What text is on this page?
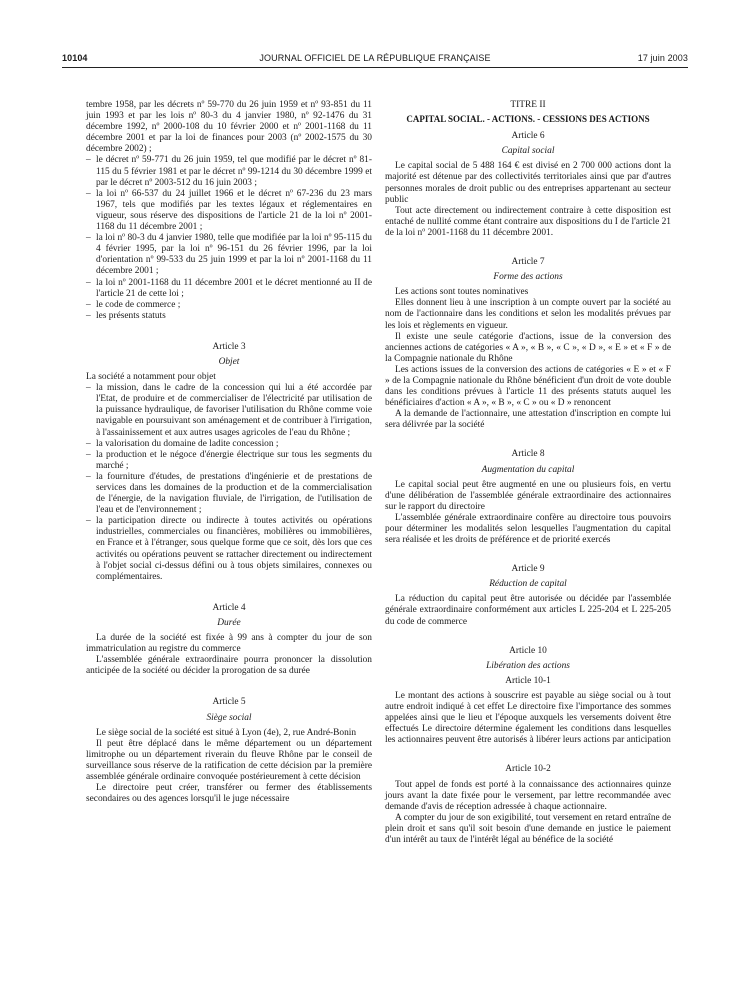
10104	JOURNAL OFFICIEL DE LA RÉPUBLIQUE FRANÇAISE	17 juin 2003

tembre 1958, par les décrets nº 59-770 du 26 juin 1959 et nº 93-851 du 11 juin 1993 et par les lois nº 80-3 du 4 janvier 1980, nº 92-1476 du 31 décembre 1992, nº 2000-108 du 10 février 2000 et nº 2001-1168 du 11 décembre 2001 et par la loi de finances pour 2003 (nº 2002-1575 du 30 décembre 2002) ;

– le décret nº 59-771 du 26 juin 1959, tel que modifié par le décret nº 81-115 du 5 février 1981 et par le décret nº 99-1214 du 30 décembre 1999 et par le décret nº 2003-512 du 16 juin 2003 ;
– la loi nº 66-537 du 24 juillet 1966 et le décret nº 67-236 du 23 mars 1967, tels que modifiés par les textes légaux et réglementaires en vigueur, sous réserve des dispositions de l'article 21 de la loi nº 2001-1168 du 11 décembre 2001 ;
– la loi nº 80-3 du 4 janvier 1980, telle que modifiée par la loi nº 95-115 du 4 février 1995, par la loi nº 96-151 du 26 février 1996, par la loi d'orientation nº 99-533 du 25 juin 1999 et par la loi nº 2001-1168 du 11 décembre 2001 ;
– la loi nº 2001-1168 du 11 décembre 2001 et le décret mentionné au II de l'article 21 de cette loi ;
– le code de commerce ;
– les présents statuts
Article 3
Objet

La société a notamment pour objet

– la mission, dans le cadre de la concession qui lui a été accordée par l'Etat, de produire et de commercialiser de l'électricité par utilisation de la puissance hydraulique, de favoriser l'utilisation du Rhône comme voie navigable en poursuivant son aménagement et de contribuer à l'irrigation, à l'assainissement et aux autres usages agricoles de l'eau du Rhône ;
– la valorisation du domaine de ladite concession ;
– la production et le négoce d'énergie électrique sur tous les segments du marché ;
– la fourniture d'études, de prestations d'ingénierie et de prestations de services dans les domaines de la production et de la commercialisation de l'énergie, de la navigation fluviale, de l'irrigation, de l'utilisation de l'eau et de l'environnement ;
– la participation directe ou indirecte à toutes activités ou opérations industrielles, commerciales ou financières, mobilières ou immobilières, en France et à l'étranger, sous quelque forme que ce soit, dès lors que ces activités ou opérations peuvent se rattacher directement ou indirectement à l'objet social ci-dessus défini ou à tous objets similaires, connexes ou complémentaires.
Article 4
Durée

La durée de la société est fixée à 99 ans à compter du jour de son immatriculation au registre du commerce

L'assemblée générale extraordinaire pourra prononcer la dissolution anticipée de la société ou décider la prorogation de sa durée

Article 5
Siège social

Le siège social de la société est situé à Lyon (4e), 2, rue André-Bonin

Il peut être déplacé dans le même département ou un département limitrophe ou un département riverain du fleuve Rhône par le conseil de surveillance sous réserve de la ratification de cette décision par la première assemblée générale ordinaire convoquée postérieurement à cette décision

Le directoire peut créer, transférer ou fermer des établissements secondaires ou des agences lorsqu'il le juge nécessaire

TITRE II
CAPITAL SOCIAL. - ACTIONS. - CESSIONS DES ACTIONS
Article 6
Capital social

Le capital social de 5 488 164 € est divisé en 2 700 000 actions dont la majorité est détenue par des collectivités territoriales ainsi que par d'autres personnes morales de droit public ou des entreprises appartenant au secteur public

Tout acte directement ou indirectement contraire à cette disposition est entaché de nullité comme étant contraire aux dispositions du I de l'article 21 de la loi nº 2001-1168 du 11 décembre 2001.

Article 7
Forme des actions

Les actions sont toutes nominatives

Elles donnent lieu à une inscription à un compte ouvert par la société au nom de l'actionnaire dans les conditions et selon les modalités prévues par les lois et règlements en vigueur.

Il existe une seule catégorie d'actions, issue de la conversion des anciennes actions de catégories « A », « B », « C », « D », « E » et « F » de la Compagnie nationale du Rhône

Les actions issues de la conversion des actions de catégories « E » et « F » de la Compagnie nationale du Rhône bénéficient d'un droit de vote double dans les conditions prévues à l'article 11 des présents statuts auquel les bénéficiaires d'action « A », « B », « C » ou « D » renoncent

A la demande de l'actionnaire, une attestation d'inscription en compte lui sera délivrée par la société

Article 8
Augmentation du capital

Le capital social peut être augmenté en une ou plusieurs fois, en vertu d'une délibération de l'assemblée générale extraordinaire des actionnaires sur le rapport du directoire

L'assemblée générale extraordinaire confère au directoire tous pouvoirs pour déterminer les modalités selon lesquelles l'augmentation du capital sera réalisée et les droits de préférence et de priorité exercés

Article 9
Réduction de capital

La réduction du capital peut être autorisée ou décidée par l'assemblée générale extraordinaire conformément aux articles L 225-204 et L 225-205 du code de commerce

Article 10
Libération des actions
Article 10-1

Le montant des actions à souscrire est payable au siège social ou à tout autre endroit indiqué à cet effet Le directoire fixe l'importance des sommes appelées ainsi que le lieu et l'époque auxquels les versements doivent être effectués Le directoire détermine également les conditions dans lesquelles les actionnaires peuvent être autorisés à libérer leurs actions par anticipation

Article 10-2

Tout appel de fonds est porté à la connaissance des actionnaires quinze jours avant la date fixée pour le versement, par lettre recommandée avec demande d'avis de réception adressée à chaque actionnaire.

A compter du jour de son exigibilité, tout versement en retard entraîne de plein droit et sans qu'il soit besoin d'une demande en justice le paiement d'un intérêt au taux de l'intérêt légal au bénéfice de la société
